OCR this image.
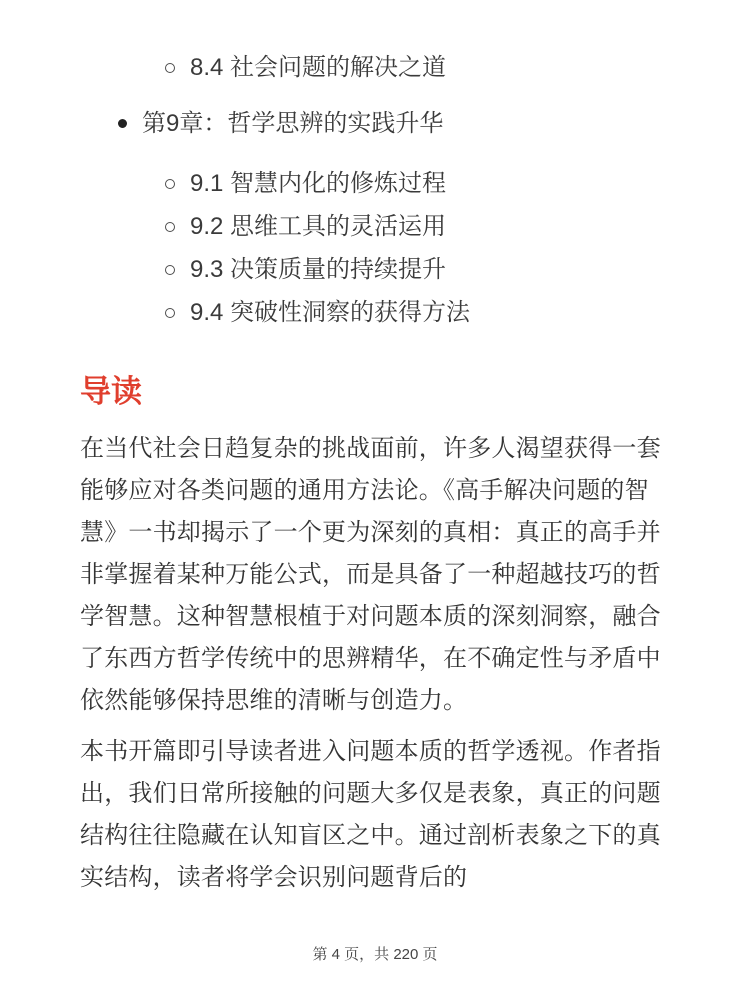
8.4 社会问题的解决之道
第9章：哲学思辨的实践升华
9.1 智慧内化的修炼过程
9.2 思维工具的灵活运用
9.3 决策质量的持续提升
9.4 突破性洞察的获得方法
导读

在当代社会日趋复杂的挑战面前，许多人渴望获得一套能够应对各类问题的通用方法论。《高手解决问题的智慧》一书却揭示了一个更为深刻的真相：真正的高手并非掌握着某种万能公式，而是具备了一种超越技巧的哲学智慧。这种智慧根植于对问题本质的深刻洞察，融合了东西方哲学传统中的思辨精华，在不确定性与矛盾中依然能够保持思维的清晰与创造力。

本书开篇即引导读者进入问题本质的哲学透视。作者指出，我们日常所接触的问题大多仅是表象，真正的问题结构往往隐藏在认知盲区之中。通过剖析表象之下的真实结构，读者将学会识别问题背后的

第 4 页，共 220 页
